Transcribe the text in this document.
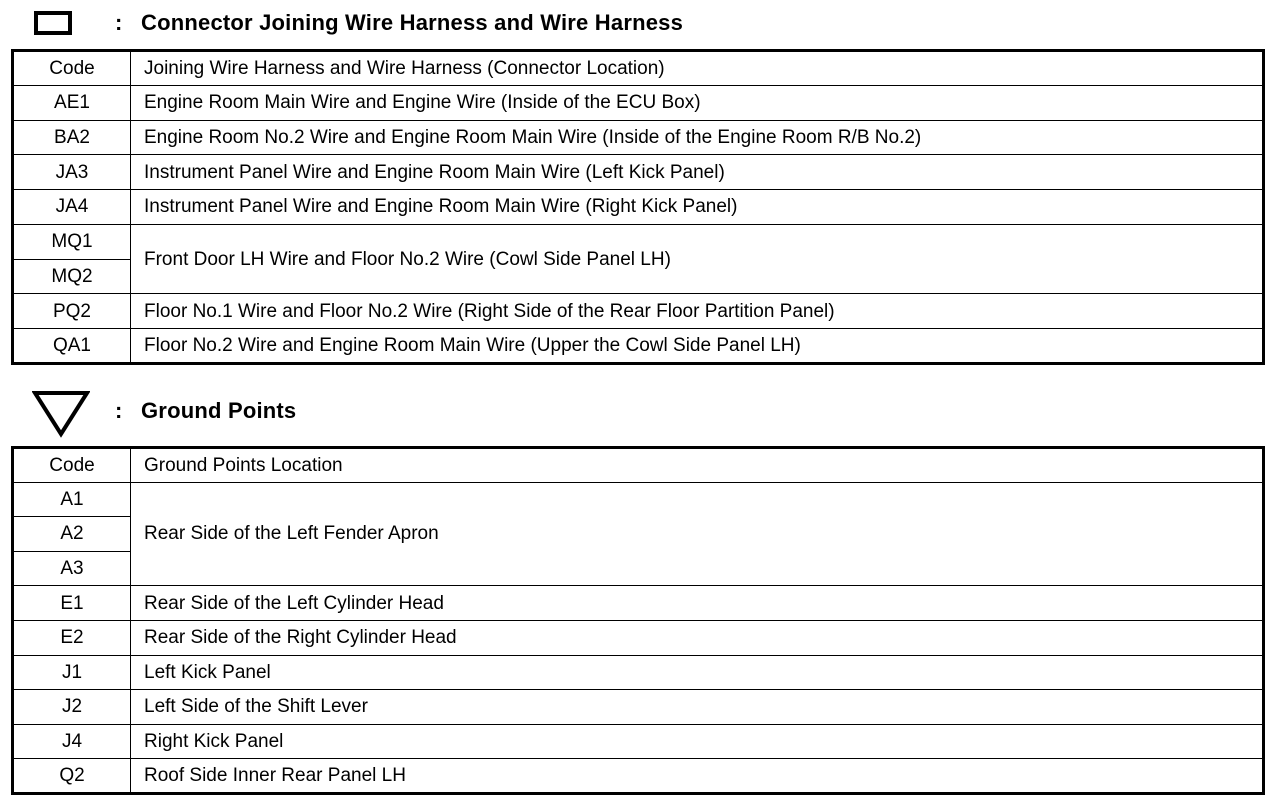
: Connector Joining Wire Harness and Wire Harness
Code	Joining Wire Harness and Wire Harness (Connector Location)
AE1	Engine Room Main Wire and Engine Wire (Inside of the ECU Box)
BA2	Engine Room No.2 Wire and Engine Room Main Wire (Inside of the Engine Room R/B No.2)
JA3	Instrument Panel Wire and Engine Room Main Wire (Left Kick Panel)
JA4	Instrument Panel Wire and Engine Room Main Wire (Right Kick Panel)
MQ1	Front Door LH Wire and Floor No.2 Wire (Cowl Side Panel LH)
MQ2	
PQ2	Floor No.1 Wire and Floor No.2 Wire (Right Side of the Rear Floor Partition Panel)
QA1	Floor No.2 Wire and Engine Room Main Wire (Upper the Cowl Side Panel LH)
: Ground Points
Code	Ground Points Location
A1	Rear Side of the Left Fender Apron
A2	
A3	
E1	Rear Side of the Left Cylinder Head
E2	Rear Side of the Right Cylinder Head
J1	Left Kick Panel
J2	Left Side of the Shift Lever
J4	Right Kick Panel
Q2	Roof Side Inner Rear Panel LH
